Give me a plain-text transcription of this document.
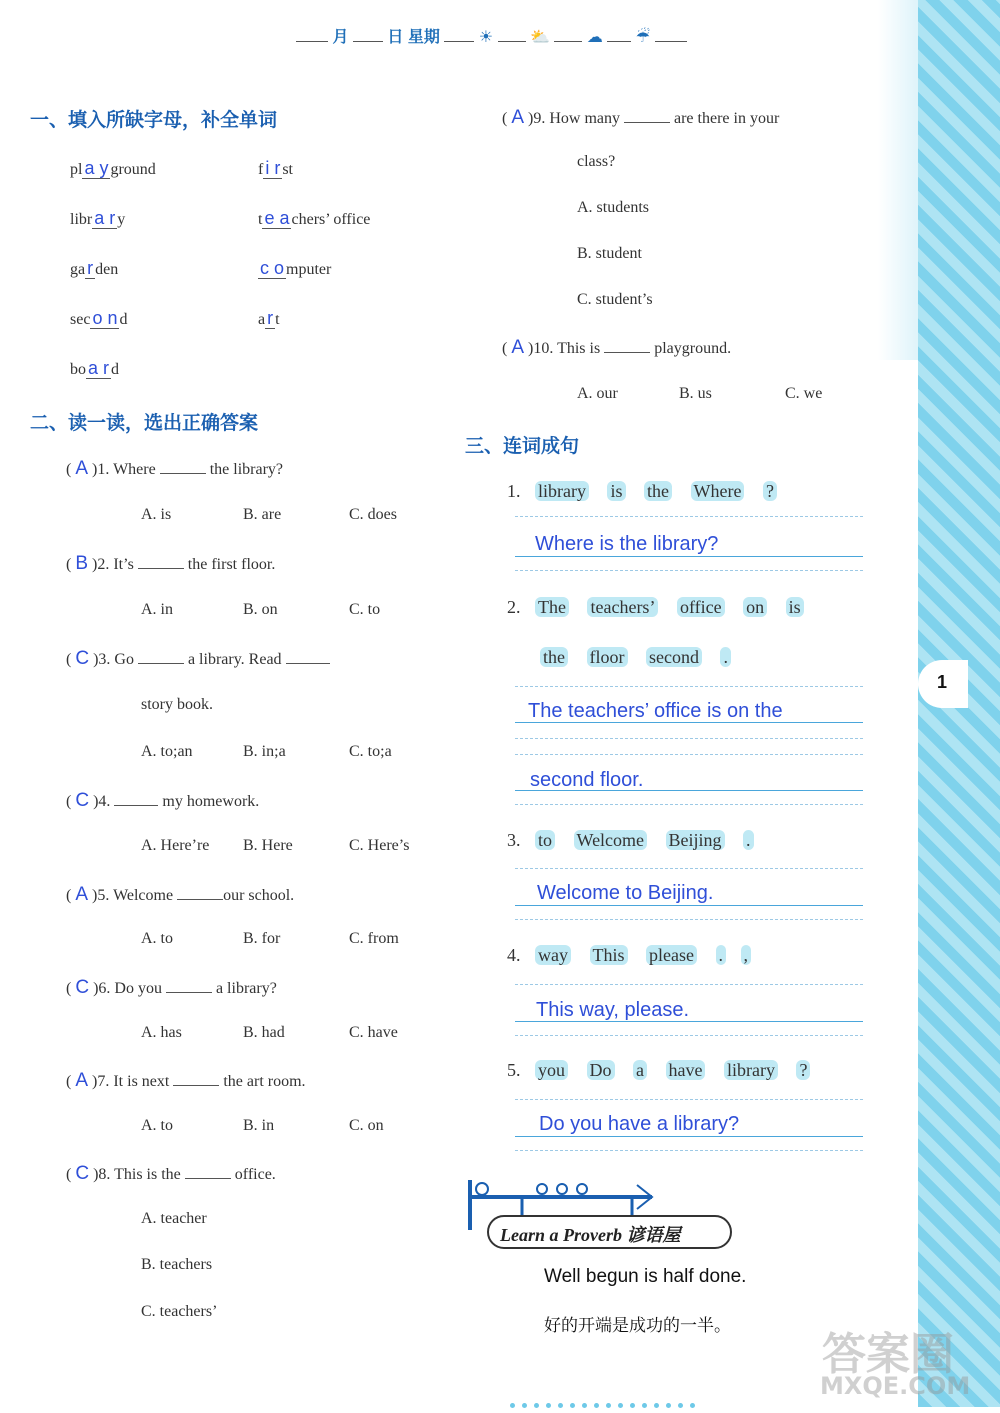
1
月 日 星期 ☀ ⛅ ☁ ☔
一、填入所缺字母，补全单词
pl a y ground	f i r st
libr a r y	t e a chers’ office
ga r den	c o mputer
sec o n d	a r t
bo a r d
二、读一读，选出正确答案
( A )1. Where	the library?
A. is	B. are	C. does
( B )2. It’s	the first floor.
A. in	B. on	C. to
( C )3. Go	a library. Read
story book.
A. to;an	B. in;a	C. to;a
( C )4.	my homework.
A. Here’re B. Here	C. Here’s
( A )5. Welcome	our school.
A. to	B. for	C. from
( C )6. Do you	a library?
A. has	B. had	C. have
( A )7. It is next	the art room.
A. to	B. in	C. on
( C )8. This is the	office.
A. teacher
B. teachers
C. teachers’
( A )9. How many	are there in your
class?
A. students
B. student
C. student’s
( A )10. This is	playground.
A. our	B. us	C. we
三、连词成句
1. library is the Where ?
Where is the library?
2. The teachers’ office on is
the floor second .
The teachers’ office is on the
second floor.
3. to Welcome Beijing .
Welcome to Beijing.
4. way This please . ,
This way, please.
5. you Do a have library ?
Do you have a library?
Learn a Proverb 谚语屋
Well begun is half done.
好的开端是成功的一半。
答案圈
MXQE.COM
